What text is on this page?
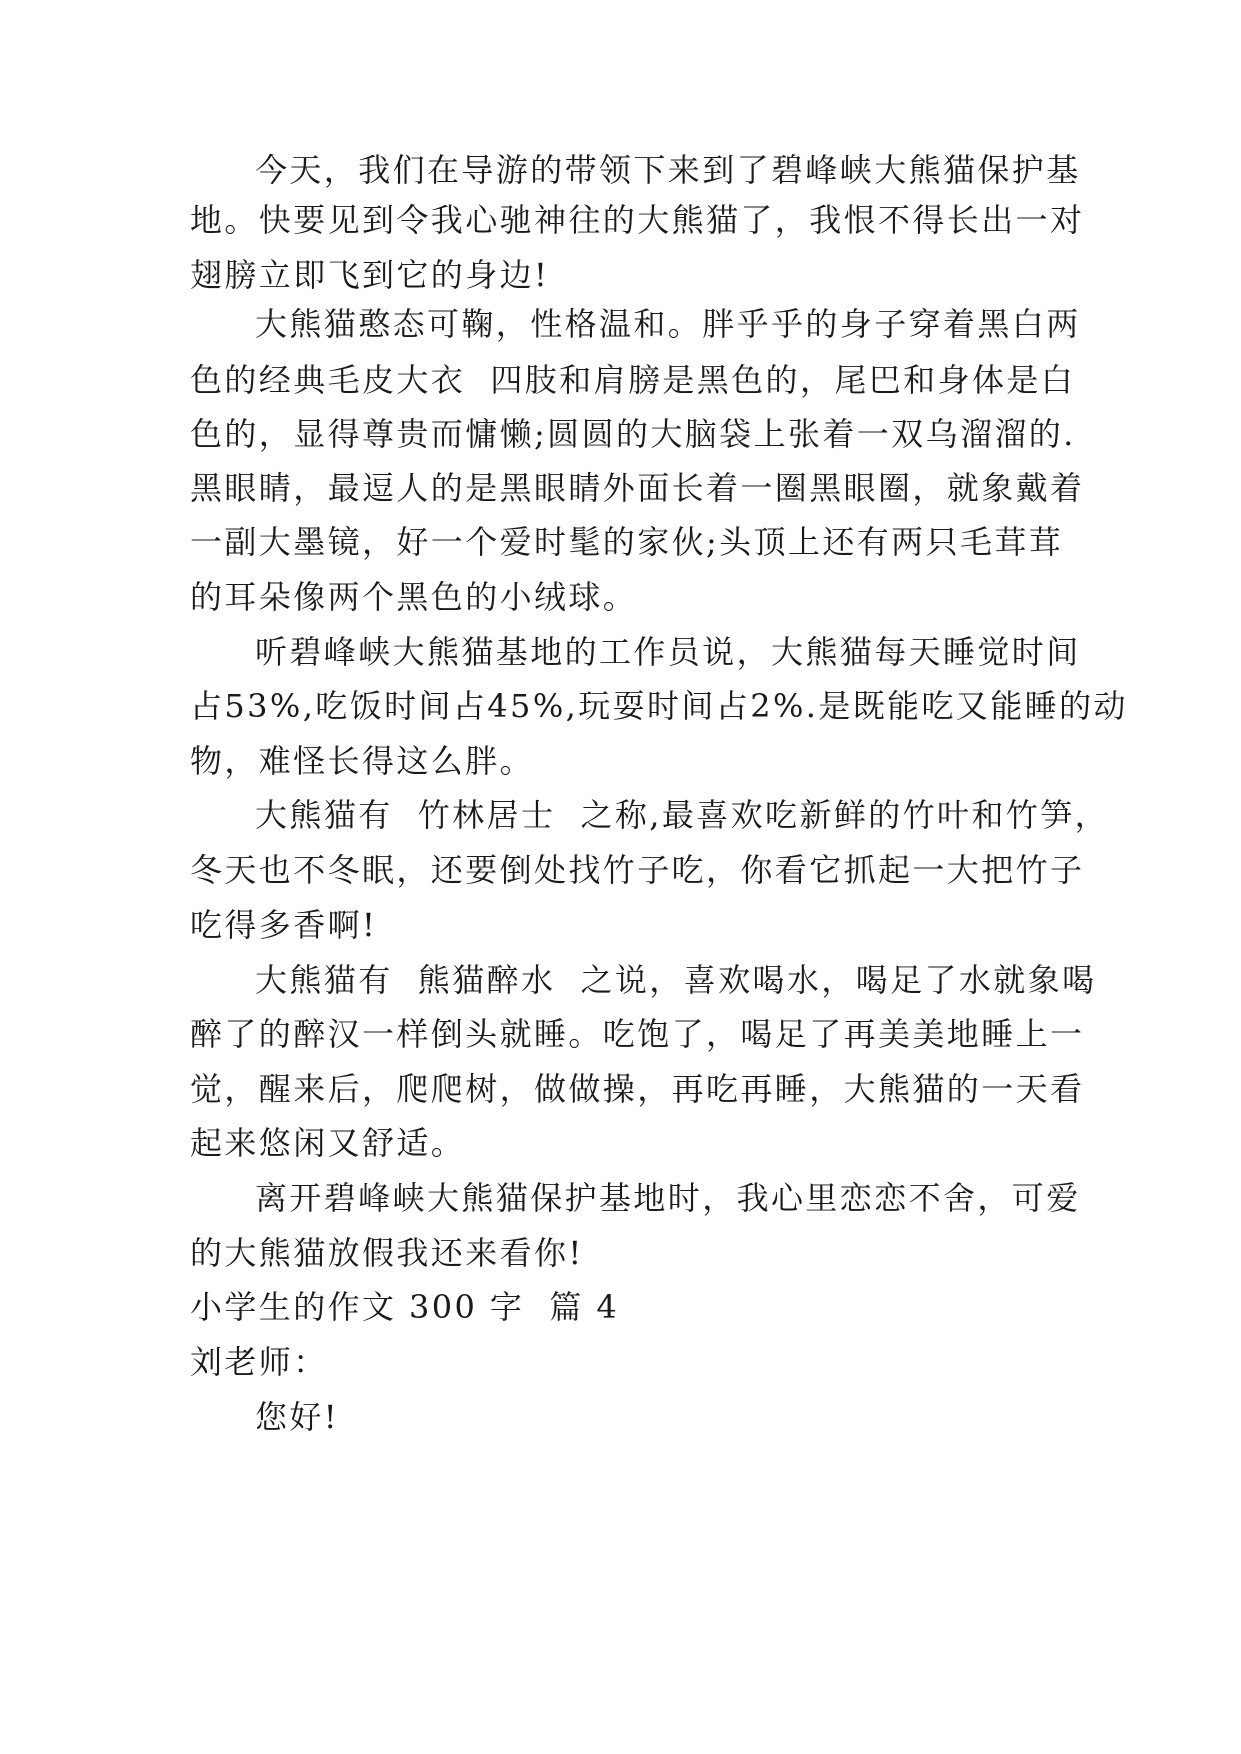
今天，我们在导游的带领下来到了碧峰峡大熊猫保护基
地。快要见到令我心驰神往的大熊猫了，我恨不得长出一对
翅膀立即飞到它的身边!
大熊猫憨态可鞠，性格温和。胖乎乎的身子穿着黑白两
色的经典毛皮大衣  四肢和肩膀是黑色的，尾巴和身体是白
色的，显得尊贵而慵懒;圆圆的大脑袋上张着一双乌溜溜的.
黑眼睛，最逗人的是黑眼睛外面长着一圈黑眼圈，就象戴着
一副大墨镜，好一个爱时髦的家伙;头顶上还有两只毛茸茸
的耳朵像两个黑色的小绒球。
听碧峰峡大熊猫基地的工作员说，大熊猫每天睡觉时间
占53%,吃饭时间占45%,玩耍时间占2%.是既能吃又能睡的动
物，难怪长得这么胖。
大熊猫有  竹林居士  之称,最喜欢吃新鲜的竹叶和竹笋，
冬天也不冬眠，还要倒处找竹子吃，你看它抓起一大把竹子
吃得多香啊!
大熊猫有  熊猫醉水  之说，喜欢喝水，喝足了水就象喝
醉了的醉汉一样倒头就睡。吃饱了，喝足了再美美地睡上一
觉，醒来后，爬爬树，做做操，再吃再睡，大熊猫的一天看
起来悠闲又舒适。
离开碧峰峡大熊猫保护基地时，我心里恋恋不舍，可爱
的大熊猫放假我还来看你!
小学生的作文 300 字  篇 4
刘老师：
您好!
